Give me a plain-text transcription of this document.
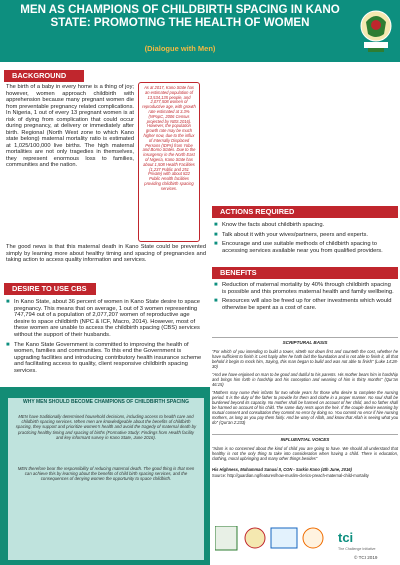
MEN AS CHAMPIONS OF CHILDBIRTH SPACING IN KANO STATE: PROMOTING THE HEALTH OF WOMEN
(Dialogue with Men)
BACKGROUND
The birth of a baby in every home is a thing of joy; however, women approach childbirth with apprehension because many pregnant women die from preventable pregnancy related complications. In Nigeria, 1 out of every 13 pregnant women is at risk of dying from complication that could occur during pregnancy, at delivery or immediately after birth. Regional (North West zone to which Kano state belong) maternal mortality ratio is estimated at 1,025/100,000 live births. The high maternal mortalities are not only tragedies in themselves, they represent enormous loss to families, communities and the nation.
As at 2017, Kano State has an estimated population of 13,534,135 people, and 2,077,508 women of reproductive age, with growth rate estimated at 3.3% (NPopC, 2006 Census projected by NBS 2016). However, the population growth rate may be much higher now, due to the influx of Internally Displaced Persons (IDPs) from Yobe and Borno States. Due to the insurgency in the North East of Nigeria, Kano State has about 1,508 Health Facilities (1,237 Public and 251 Private) with about 822 Public Health facilities providing childbirth spacing services.
The good news is that this maternal death in Kano State could be prevented simply by learning more about healthy timing and spacing of pregnancies and taking action to access quality information and services.
DESIRE TO USE CBS
■ In Kano State, about 36 percent of women in Kano State desire to space pregnancy. This means that on average, 1 out of 3 women representing 747,794 out of a population of 2,077,207 women of reproductive age desire to space childbirth (NPC & ICF, Macro, 2014). However, most of these women are unable to access the childbirth spacing (CBS) services without the support of their husbands.
■ The Kano State Government is committed to improving the health of women, families and communities. To this end the Government is upgrading facilities and introducing contributory health insurance scheme and facilitating access to quality, client responsive childbirth spacing services.
WHY MEN SHOULD BECOME CHAMPIONS OF CHILDBIRTH SPACING
MEN have traditionally determined household decisions, including access to health care and childbirth spacing services. When men are knowledgeable about the benefits of childbirth spacing, they support and prioritize women's health and avoid the tragedy of maternal death by practicing healthy timing and spacing of births (Formative Study: Findings from Health facility and key informant survey in Kano State, June 2016).
MEN therefore bear the responsibility of reducing maternal death. The good thing is that men can achieve this by learning about the benefits of child birth spacing services, and the consequences of denying women the opportunity to space childbirth.
ACTIONS REQUIRED
■ Know the facts about childbirth spacing.
■ Talk about it with your wives/partners, peers and experts.
■ Encourage and use suitable methods of childbirth spacing to accessing services available near you from qualified providers.
BENEFITS
■ Reduction of maternal mortality by 40% through childbirth spacing is possible and this promotes maternal health and family wellbeing.
■ Resources will also be freed up for other investments which would otherwise be spent as a cost of care.
SCRIPTURAL BASIS
"For which of you intending to build a tower, sitteth not down first and counteth the cost, whether he have sufficient to finish it: Lest haply after he hath laid the foundation and is not able to finish it, all that behold it begin to mock him, Saying, this man began to build and was not able to finish" (Luke 14:28-30)
"And we have enjoined on man to be good and dutiful to his parents. His mother bears him in hardship and brings him forth in hardship and his conception and weaning of him is thirty months" (Qur'an 46:15)
"Mothers may nurse their infants for two whole years for those who desire to complete the nursing period. It is the duty of the father to provide for them and clothe in a proper manner. No soul shall be burdened beyond its capacity. No mother shall be harmed on account of her child, and no father shall be harmed on account of his child. The same duty rests upon the heir. If the couple desire weaning by mutual consent and consultation they commit no error by doing so. You commit no error if hire nursing mothers, as long as you pay them fairly. And be wary of Allah, and know that Allah is seeing what you do" (Qur'an 2:233)
INFLUENTIAL VOICES
"Islam is so concerned about the kind of child you are going to have. We should all understand that healthy is not the only thing to take into consideration when having a child. There is education, clothing, moral upbringing and many other things besides"
His Highness, Muhammad Sanusi II, CON - Sarkin Kano (4th June, 2016)
Source: http://guardian.ng/features/how-muslim-clerics-preach-maternal-child-mortality
tci
The Challenge Initiative
© TCI 2019
